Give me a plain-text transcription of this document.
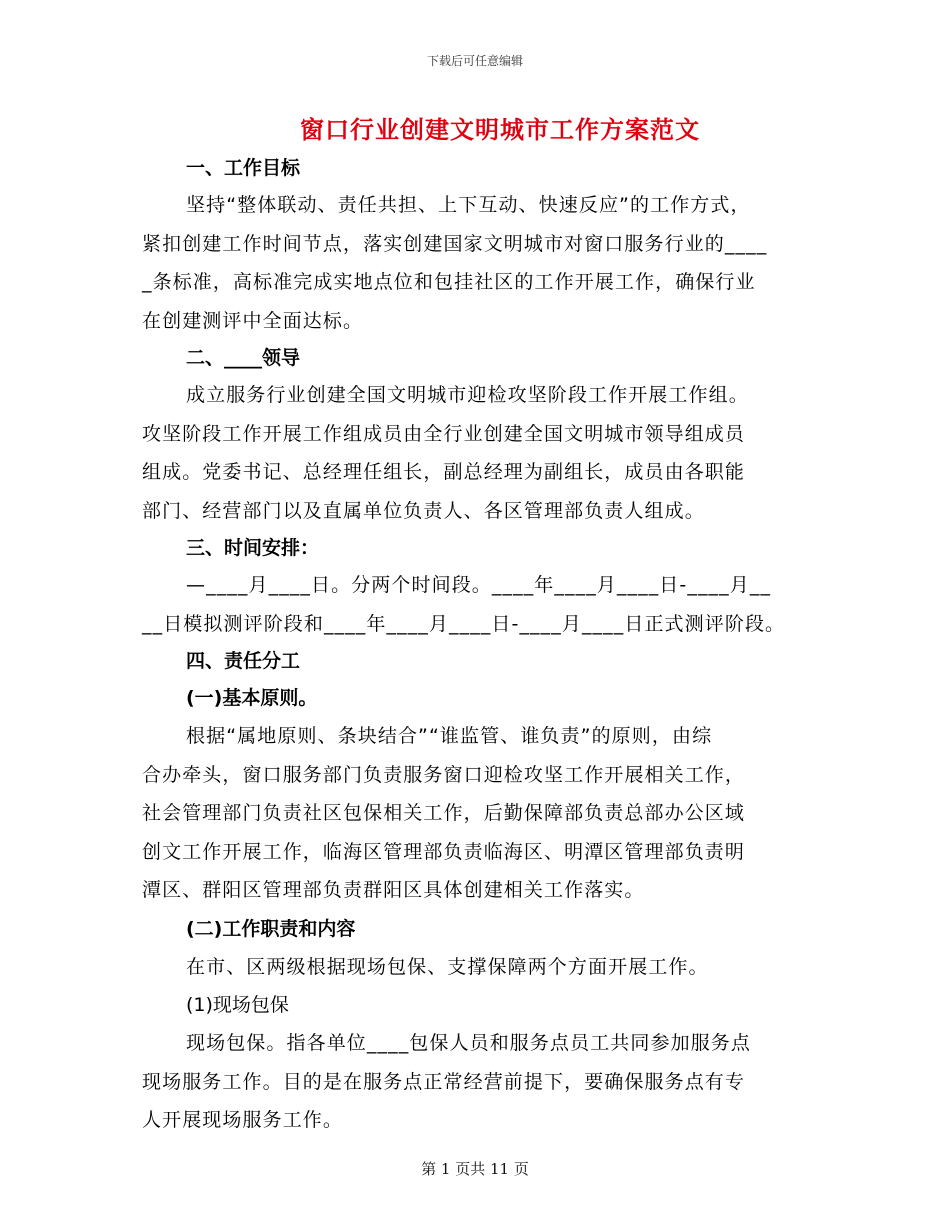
下载后可任意编辑
窗口行业创建文明城市工作方案范文
一、工作目标
坚持“整体联动、责任共担、上下互动、快速反应”的工作方式，
紧扣创建工作时间节点，落实创建国家文明城市对窗口服务行业的____
_条标准，高标准完成实地点位和包挂社区的工作开展工作，确保行业
在创建测评中全面达标。
二、____领导
成立服务行业创建全国文明城市迎检攻坚阶段工作开展工作组。
攻坚阶段工作开展工作组成员由全行业创建全国文明城市领导组成员
组成。党委书记、总经理任组长，副总经理为副组长，成员由各职能
部门、经营部门以及直属单位负责人、各区管理部负责人组成。
三、时间安排：
—____月____日。分两个时间段。____年____月____日-____月__
__日模拟测评阶段和____年____月____日-____月____日正式测评阶段。
四、责任分工
(一)基本原则。
根据“属地原则、条块结合”“谁监管、谁负责”的原则，由综
合办牵头，窗口服务部门负责服务窗口迎检攻坚工作开展相关工作，
社会管理部门负责社区包保相关工作，后勤保障部负责总部办公区域
创文工作开展工作，临海区管理部负责临海区、明潭区管理部负责明
潭区、群阳区管理部负责群阳区具体创建相关工作落实。
(二)工作职责和内容
在市、区两级根据现场包保、支撑保障两个方面开展工作。
(1)现场包保
现场包保。指各单位____包保人员和服务点员工共同参加服务点
现场服务工作。目的是在服务点正常经营前提下，要确保服务点有专
人开展现场服务工作。
第 1 页共 11 页
